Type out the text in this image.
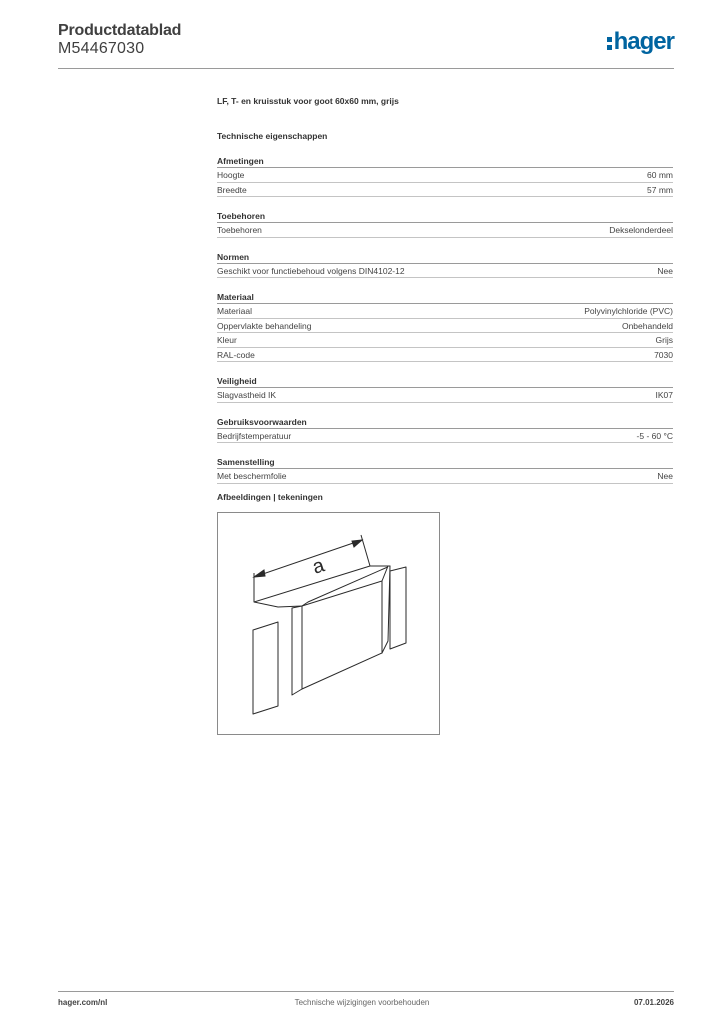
Productdatablad
M54467030	hager
LF, T- en kruisstuk voor goot 60x60 mm, grijs
Technische eigenschappen
Afmetingen
Hoogte	60 mm
Breedte	57 mm
Toebehoren
Toebehoren	Dekselonderdeel
Normen
Geschikt voor functiebehoud volgens DIN4102-12	Nee
Materiaal
Materiaal	Polyvinylchloride (PVC)
Oppervlakte behandeling	Onbehandeld
Kleur	Grijs
RAL-code	7030
Veiligheid
Slagvastheid IK	IK07
Gebruiksvoorwaarden
Bedrijfstemperatuur	-5 - 60 °C
Samenstelling
Met beschermfolie	Nee
Afbeeldingen | tekeningen
a
hager.com/nl	Technische wijzigingen voorbehouden	07.01.2026
